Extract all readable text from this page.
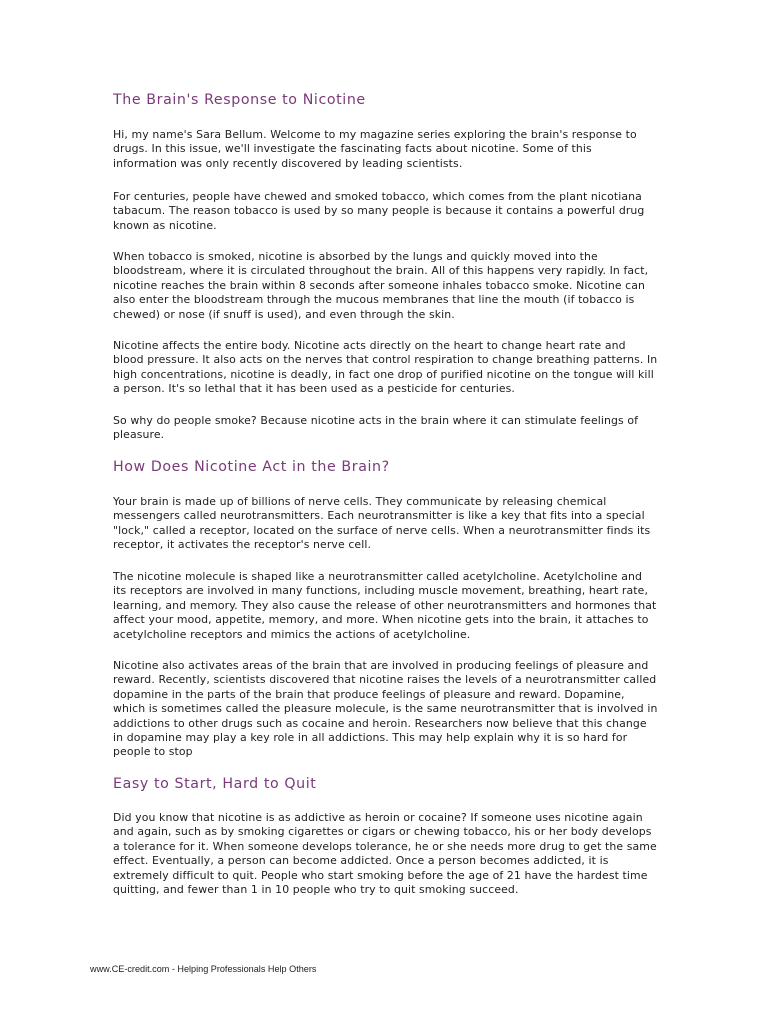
The Brain's Response to Nicotine

Hi, my name's Sara Bellum. Welcome to my magazine series exploring the brain's response to drugs. In this issue, we'll investigate the fascinating facts about nicotine. Some of this information was only recently discovered by leading scientists.

For centuries, people have chewed and smoked tobacco, which comes from the plant nicotiana tabacum. The reason tobacco is used by so many people is because it contains a powerful drug known as nicotine.

When tobacco is smoked, nicotine is absorbed by the lungs and quickly moved into the bloodstream, where it is circulated throughout the brain. All of this happens very rapidly. In fact, nicotine reaches the brain within 8 seconds after someone inhales tobacco smoke. Nicotine can also enter the bloodstream through the mucous membranes that line the mouth (if tobacco is chewed) or nose (if snuff is used), and even through the skin.

Nicotine affects the entire body. Nicotine acts directly on the heart to change heart rate and blood pressure. It also acts on the nerves that control respiration to change breathing patterns. In high concentrations, nicotine is deadly, in fact one drop of purified nicotine on the tongue will kill a person. It's so lethal that it has been used as a pesticide for centuries.

So why do people smoke? Because nicotine acts in the brain where it can stimulate feelings of pleasure.

How Does Nicotine Act in the Brain?

Your brain is made up of billions of nerve cells. They communicate by releasing chemical messengers called neurotransmitters. Each neurotransmitter is like a key that fits into a special "lock," called a receptor, located on the surface of nerve cells. When a neurotransmitter finds its receptor, it activates the receptor's nerve cell.

The nicotine molecule is shaped like a neurotransmitter called acetylcholine. Acetylcholine and its receptors are involved in many functions, including muscle movement, breathing, heart rate, learning, and memory. They also cause the release of other neurotransmitters and hormones that affect your mood, appetite, memory, and more. When nicotine gets into the brain, it attaches to acetylcholine receptors and mimics the actions of acetylcholine.

Nicotine also activates areas of the brain that are involved in producing feelings of pleasure and reward. Recently, scientists discovered that nicotine raises the levels of a neurotransmitter called dopamine in the parts of the brain that produce feelings of pleasure and reward. Dopamine, which is sometimes called the pleasure molecule, is the same neurotransmitter that is involved in addictions to other drugs such as cocaine and heroin. Researchers now believe that this change in dopamine may play a key role in all addictions. This may help explain why it is so hard for people to stop

Easy to Start, Hard to Quit

Did you know that nicotine is as addictive as heroin or cocaine? If someone uses nicotine again and again, such as by smoking cigarettes or cigars or chewing tobacco, his or her body develops a tolerance for it. When someone develops tolerance, he or she needs more drug to get the same effect. Eventually, a person can become addicted. Once a person becomes addicted, it is extremely difficult to quit. People who start smoking before the age of 21 have the hardest time quitting, and fewer than 1 in 10 people who try to quit smoking succeed.

www.CE-credit.com - Helping Professionals Help Others
